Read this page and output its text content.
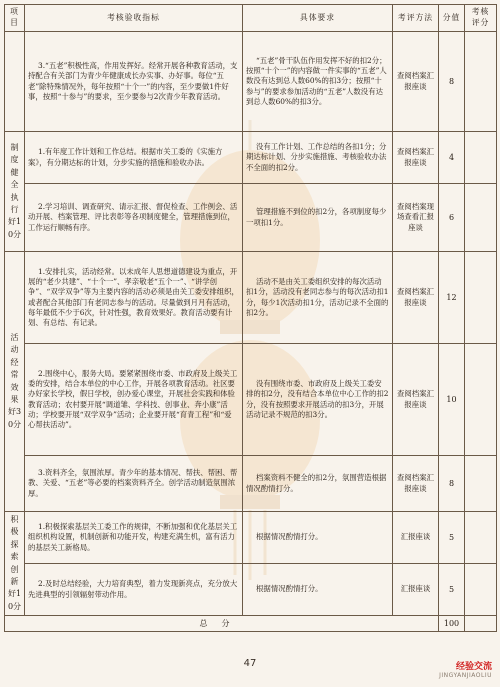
项目	考核验收指标	具体要求	考评方法	分值	考核评分
	3.“五老”积极性高，作用发挥好。经常开展各种教育活动，支持配合有关部门为青少年健康成长办实事、办好事。每位“五老”除特殊情况外，每年按照“十个一”的内容，至少要做1件好事，按照“十参与”的要求，至少要参与2次青少年教育活动。	“五老”骨干队伍作用发挥不好的扣2分；按照“十个一”的内容做一件实事的“五老”人数没有达到总人数60%的扣3分；按照“十参与”的要求参加活动的“五老”人数没有达到总人数60%的扣3分。	查阅档案汇报座谈	8	
制度健全执行好10分	1.有年度工作计划和工作总结。根据市关工委的《实施方案》，有分期达标的计划，分步实施的措施和验收办法。	没有工作计划、工作总结的各扣1分；分期达标计划、分步实施措施、考核验收办法不全面的扣2分。	查阅档案汇报座谈	4	
	2.学习培训、调查研究、请示汇报、督促检查、工作例会、活动开展、档案管理、评比表彰等各项制度健全，管理措施到位，工作运行顺畅有序。	管理措施不到位的扣2分，各项制度每少一项扣1分。	查阅档案现场查看汇报座谈	6	
活动经常效果好30分	1.安排扎实，活动经常。以未成年人思想道德建设为重点，开展的“老少共建”、“十个一”、孝亲敬老“五个一”、“讲学创争”、“双学双争”等为主要内容的活动必须是由关工委安排组织，或者配合其他部门有老同志参与的活动。尽量做到月月有活动，每年最低不少于6次，针对性强，教育效果好。教育活动要有计划、有总结、有记录。	活动不是由关工委组织安排的每次活动扣1分，活动没有老同志参与的每次活动扣1分，每少1次活动扣1分，活动记录不全面的扣2分。	查阅档案汇报座谈	12	
	2.围绕中心，服务大局。要紧紧围绕市委、市政府及上级关工委的安排，结合本单位的中心工作，开展各项教育活动。社区要办好家长学校，假日学校，创办爱心课堂，开展社会实践和体验教育活动；农村要开展“调道雏、学科技、创事业、奔小康”活动；学校要开展“双学双争”活动；企业要开展“育青工程”和“爱心帮扶活动”。	没有围绕市委、市政府及上级关工委安排的扣2分，没有结合本单位中心工作的扣2分，没有按照要求开展活动的扣3分，开展活动记录不规范的扣3分。	查阅档案汇报座谈	10	
	3.资料齐全，氛围浓厚。青少年的基本情况、帮扶、帮困、帮教、关爱、“五老”等必要的档案资料齐全。创学活动制造氛围浓厚。	档案资料不健全的扣2分，氛围营造根据情况酌情打分。	查阅档案汇报座谈	8	
积极探索创新好10分	1.积极探索基层关工委工作的规律，不断加强和优化基层关工组织机构设置，机制创新和功能开发，构建充满生机，富有活力的基层关工新格局。	根据情况酌情打分。	汇报座谈	5	
	2.及时总结经验，大力培育典型，着力发现新亮点，充分放大先进典型的引领辐射带动作用。	根据情况酌情打分。	汇报座谈	5	
总分				100	
47	经验交流
JINGYANJIAOLIU
